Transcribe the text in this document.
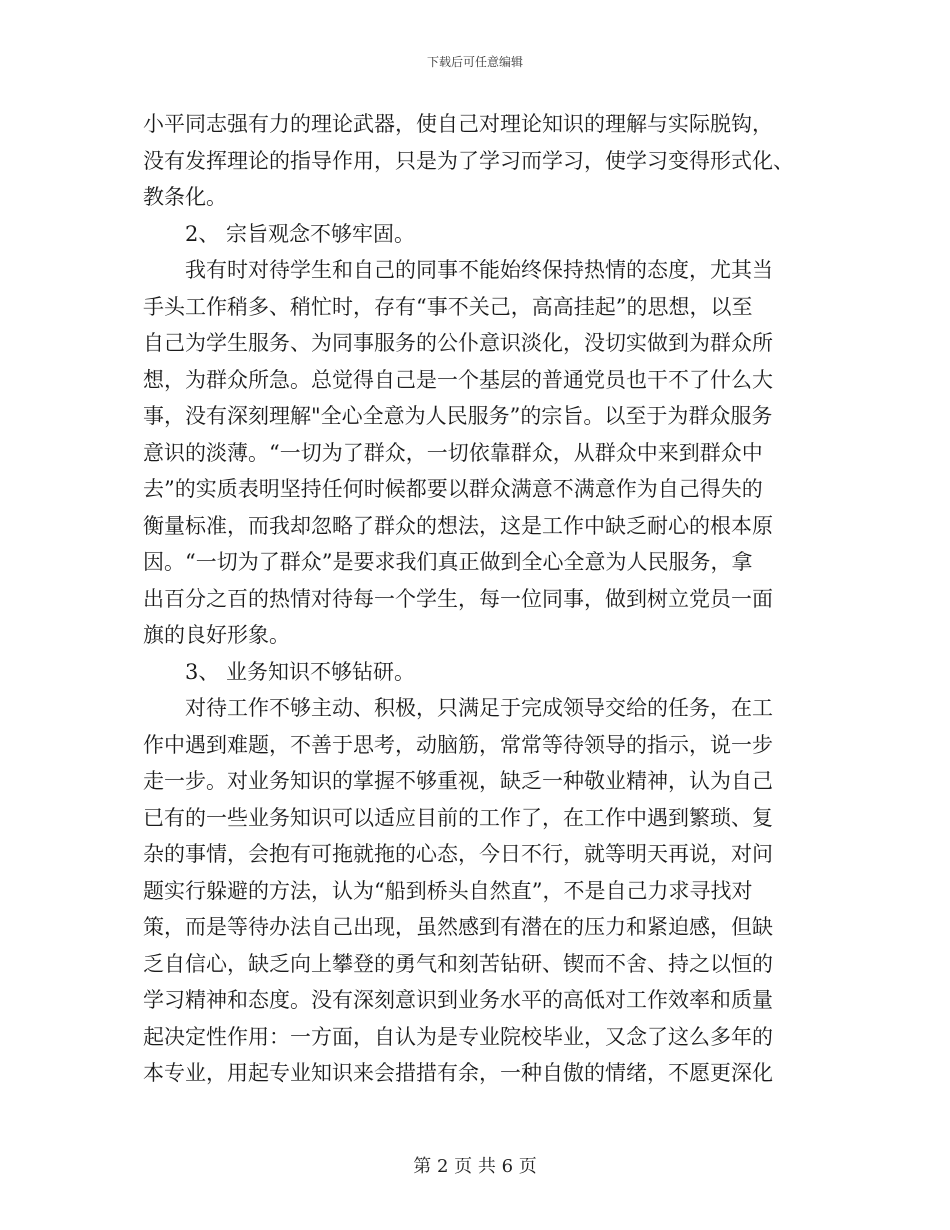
下载后可任意编辑
小平同志强有力的理论武器，使自己对理论知识的理解与实际脱钩，
没有发挥理论的指导作用，只是为了学习而学习，使学习变得形式化、
教条化。
2、 宗旨观念不够牢固。
我有时对待学生和自己的同事不能始终保持热情的态度，尤其当
手头工作稍多、稍忙时，存有“事不关己，高高挂起”的思想，以至
自己为学生服务、为同事服务的公仆意识淡化，没切实做到为群众所
想，为群众所急。总觉得自己是一个基层的普通党员也干不了什么大
事，没有深刻理解"全心全意为人民服务”的宗旨。以至于为群众服务
意识的淡薄。“一切为了群众，一切依靠群众，从群众中来到群众中
去”的实质表明坚持任何时候都要以群众满意不满意作为自己得失的
衡量标准，而我却忽略了群众的想法，这是工作中缺乏耐心的根本原
因。“一切为了群众”是要求我们真正做到全心全意为人民服务，拿
出百分之百的热情对待每一个学生，每一位同事，做到树立党员一面
旗的良好形象。
3、 业务知识不够钻研。
对待工作不够主动、积极，只满足于完成领导交给的任务，在工
作中遇到难题，不善于思考，动脑筋，常常等待领导的指示，说一步
走一步。对业务知识的掌握不够重视，缺乏一种敬业精神，认为自己
已有的一些业务知识可以适应目前的工作了，在工作中遇到繁琐、复
杂的事情，会抱有可拖就拖的心态，今日不行，就等明天再说，对问
题实行躲避的方法，认为“船到桥头自然直”，不是自己力求寻找对
策，而是等待办法自己出现，虽然感到有潜在的压力和紧迫感，但缺
乏自信心，缺乏向上攀登的勇气和刻苦钻研、锲而不舍、持之以恒的
学习精神和态度。没有深刻意识到业务水平的高低对工作效率和质量
起决定性作用：一方面，自认为是专业院校毕业，又念了这么多年的
本专业，用起专业知识来会措措有余，一种自傲的情绪，不愿更深化
第 2 页 共 6 页
